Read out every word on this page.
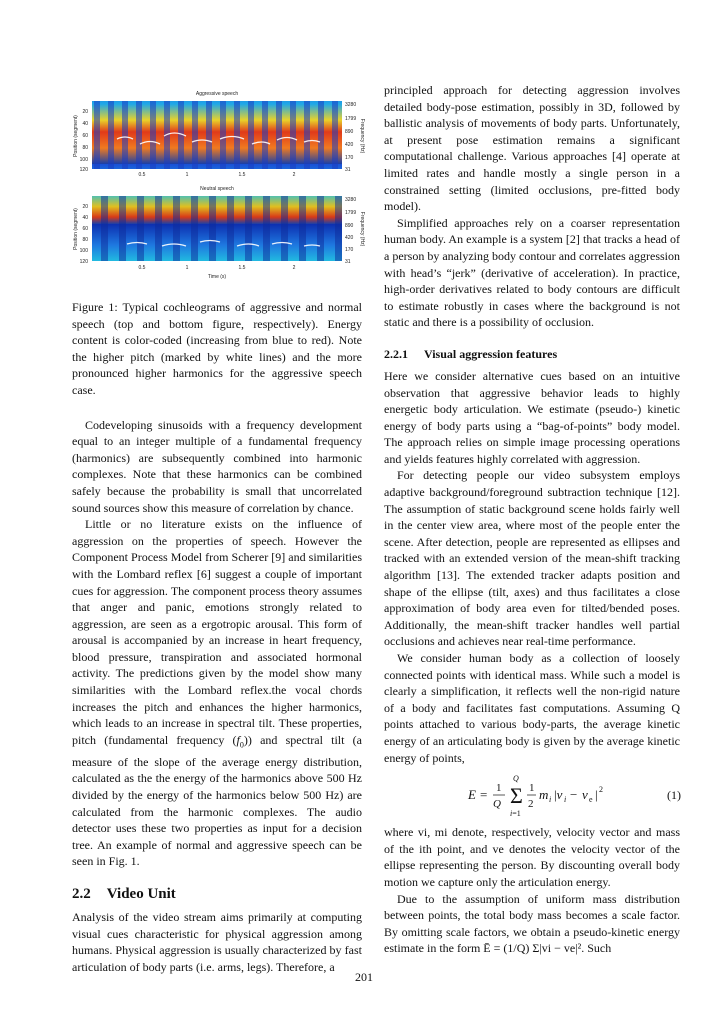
Aggressive speech
20
40
60
80
100
120
3280
1799
890
420
170
31
0.5	1	1.5	2
Position (segment)	Frequency (Hz)
Neutral speech
20
40
60
80
100
120
3280
1799
890
420
170
31
0.5	1	1.5	2
Time (s)
Position (segment)	Frequency (Hz)

Figure 1: Typical cochleograms of aggressive and normal speech (top and bottom figure, respectively). Energy content is color-coded (increasing from blue to red). Note the higher pitch (marked by white lines) and the more pronounced higher harmonics for the aggressive speech case.

Codeveloping sinusoids with a frequency development equal to an integer multiple of a fundamental frequency (harmonics) are subsequently combined into harmonic complexes. Note that these harmonics can be combined safely because the probability is small that uncorrelated sound sources show this measure of correlation by chance.

Little or no literature exists on the influence of aggression on the properties of speech. However the Component Process Model from Scherer [9] and similarities with the Lombard reflex [6] suggest a couple of important cues for aggression. The component process theory assumes that anger and panic, emotions strongly related to aggression, are seen as a ergotropic arousal. This form of arousal is accompanied by an increase in heart frequency, blood pressure, transpiration and associated hormonal activity. The predictions given by the model show many similarities with the Lombard reflex.the vocal chords increases the pitch and enhances the higher harmonics, which leads to an increase in spectral tilt. These properties, pitch (fundamental frequency $(f_0)$) and spectral tilt (a measure of the slope of the average energy distribution, calculated as the the energy of the harmonics above 500 Hz divided by the energy of the harmonics below 500 Hz) are calculated from the harmonic complexes. The audio detector uses these two properties as input for a decision tree. An example of normal and aggressive speech can be seen in Fig. 1.

2.2 Video Unit

Analysis of the video stream aims primarily at computing visual cues characteristic for physical aggression among humans. Physical aggression is usually characterized by fast articulation of body parts (i.e. arms, legs). Therefore, a

principled approach for detecting aggression involves detailed body-pose estimation, possibly in 3D, followed by ballistic analysis of movements of body parts. Unfortunately, at present pose estimation remains a significant computational challenge. Various approaches [4] operate at limited rates and handle mostly a single person in a constrained setting (limited occlusions, pre-fitted body model).

Simplified approaches rely on a coarser representation human body. An example is a system [2] that tracks a head of a person by analyzing body contour and correlates aggression with head’s “jerk” (derivative of acceleration). In practice, high-order derivatives related to body contours are difficult to estimate robustly in cases where the background is not static and there is a possibility of occlusion.

2.2.1 Visual aggression features

Here we consider alternative cues based on an intuitive observation that aggressive behavior leads to highly energetic body articulation. We estimate (pseudo-) kinetic energy of body parts using a “bag-of-points” body model. The approach relies on simple image processing operations and yields features highly correlated with aggression.

For detecting people our video subsystem employs adaptive background/foreground subtraction technique [12]. The assumption of static background scene holds fairly well in the center view area, where most of the people enter the scene. After detection, people are represented as ellipses and tracked with an extended version of the mean-shift tracking algorithm [13]. The extended tracker adapts position and shape of the ellipse (tilt, axes) and thus facilitates a close approximation of body area even for tilted/bended poses. Additionally, the mean-shift tracker handles well partial occlusions and achieves near real-time performance.

We consider human body as a collection of loosely connected points with identical mass. While such a model is clearly a simplification, it reflects well the non-rigid nature of a body and facilitates fast computations. Assuming Q points attached to various body-parts, the average kinetic energy of an articulating body is given by the average kinetic energy of points,

E = 1
Q Σ
Q
i=1
1
2
m i |v i − v e | 2	(1)

where vi, mi denote, respectively, velocity vector and mass of the ith point, and ve denotes the velocity vector of the ellipse representing the person. By discounting overall body motion we capture only the articulation energy.

Due to the assumption of uniform mass distribution between points, the total body mass becomes a scale factor. By omitting scale factors, we obtain a pseudo-kinetic energy estimate in the form Ē = (1/Q) Σ|vi − ve|². Such

201
